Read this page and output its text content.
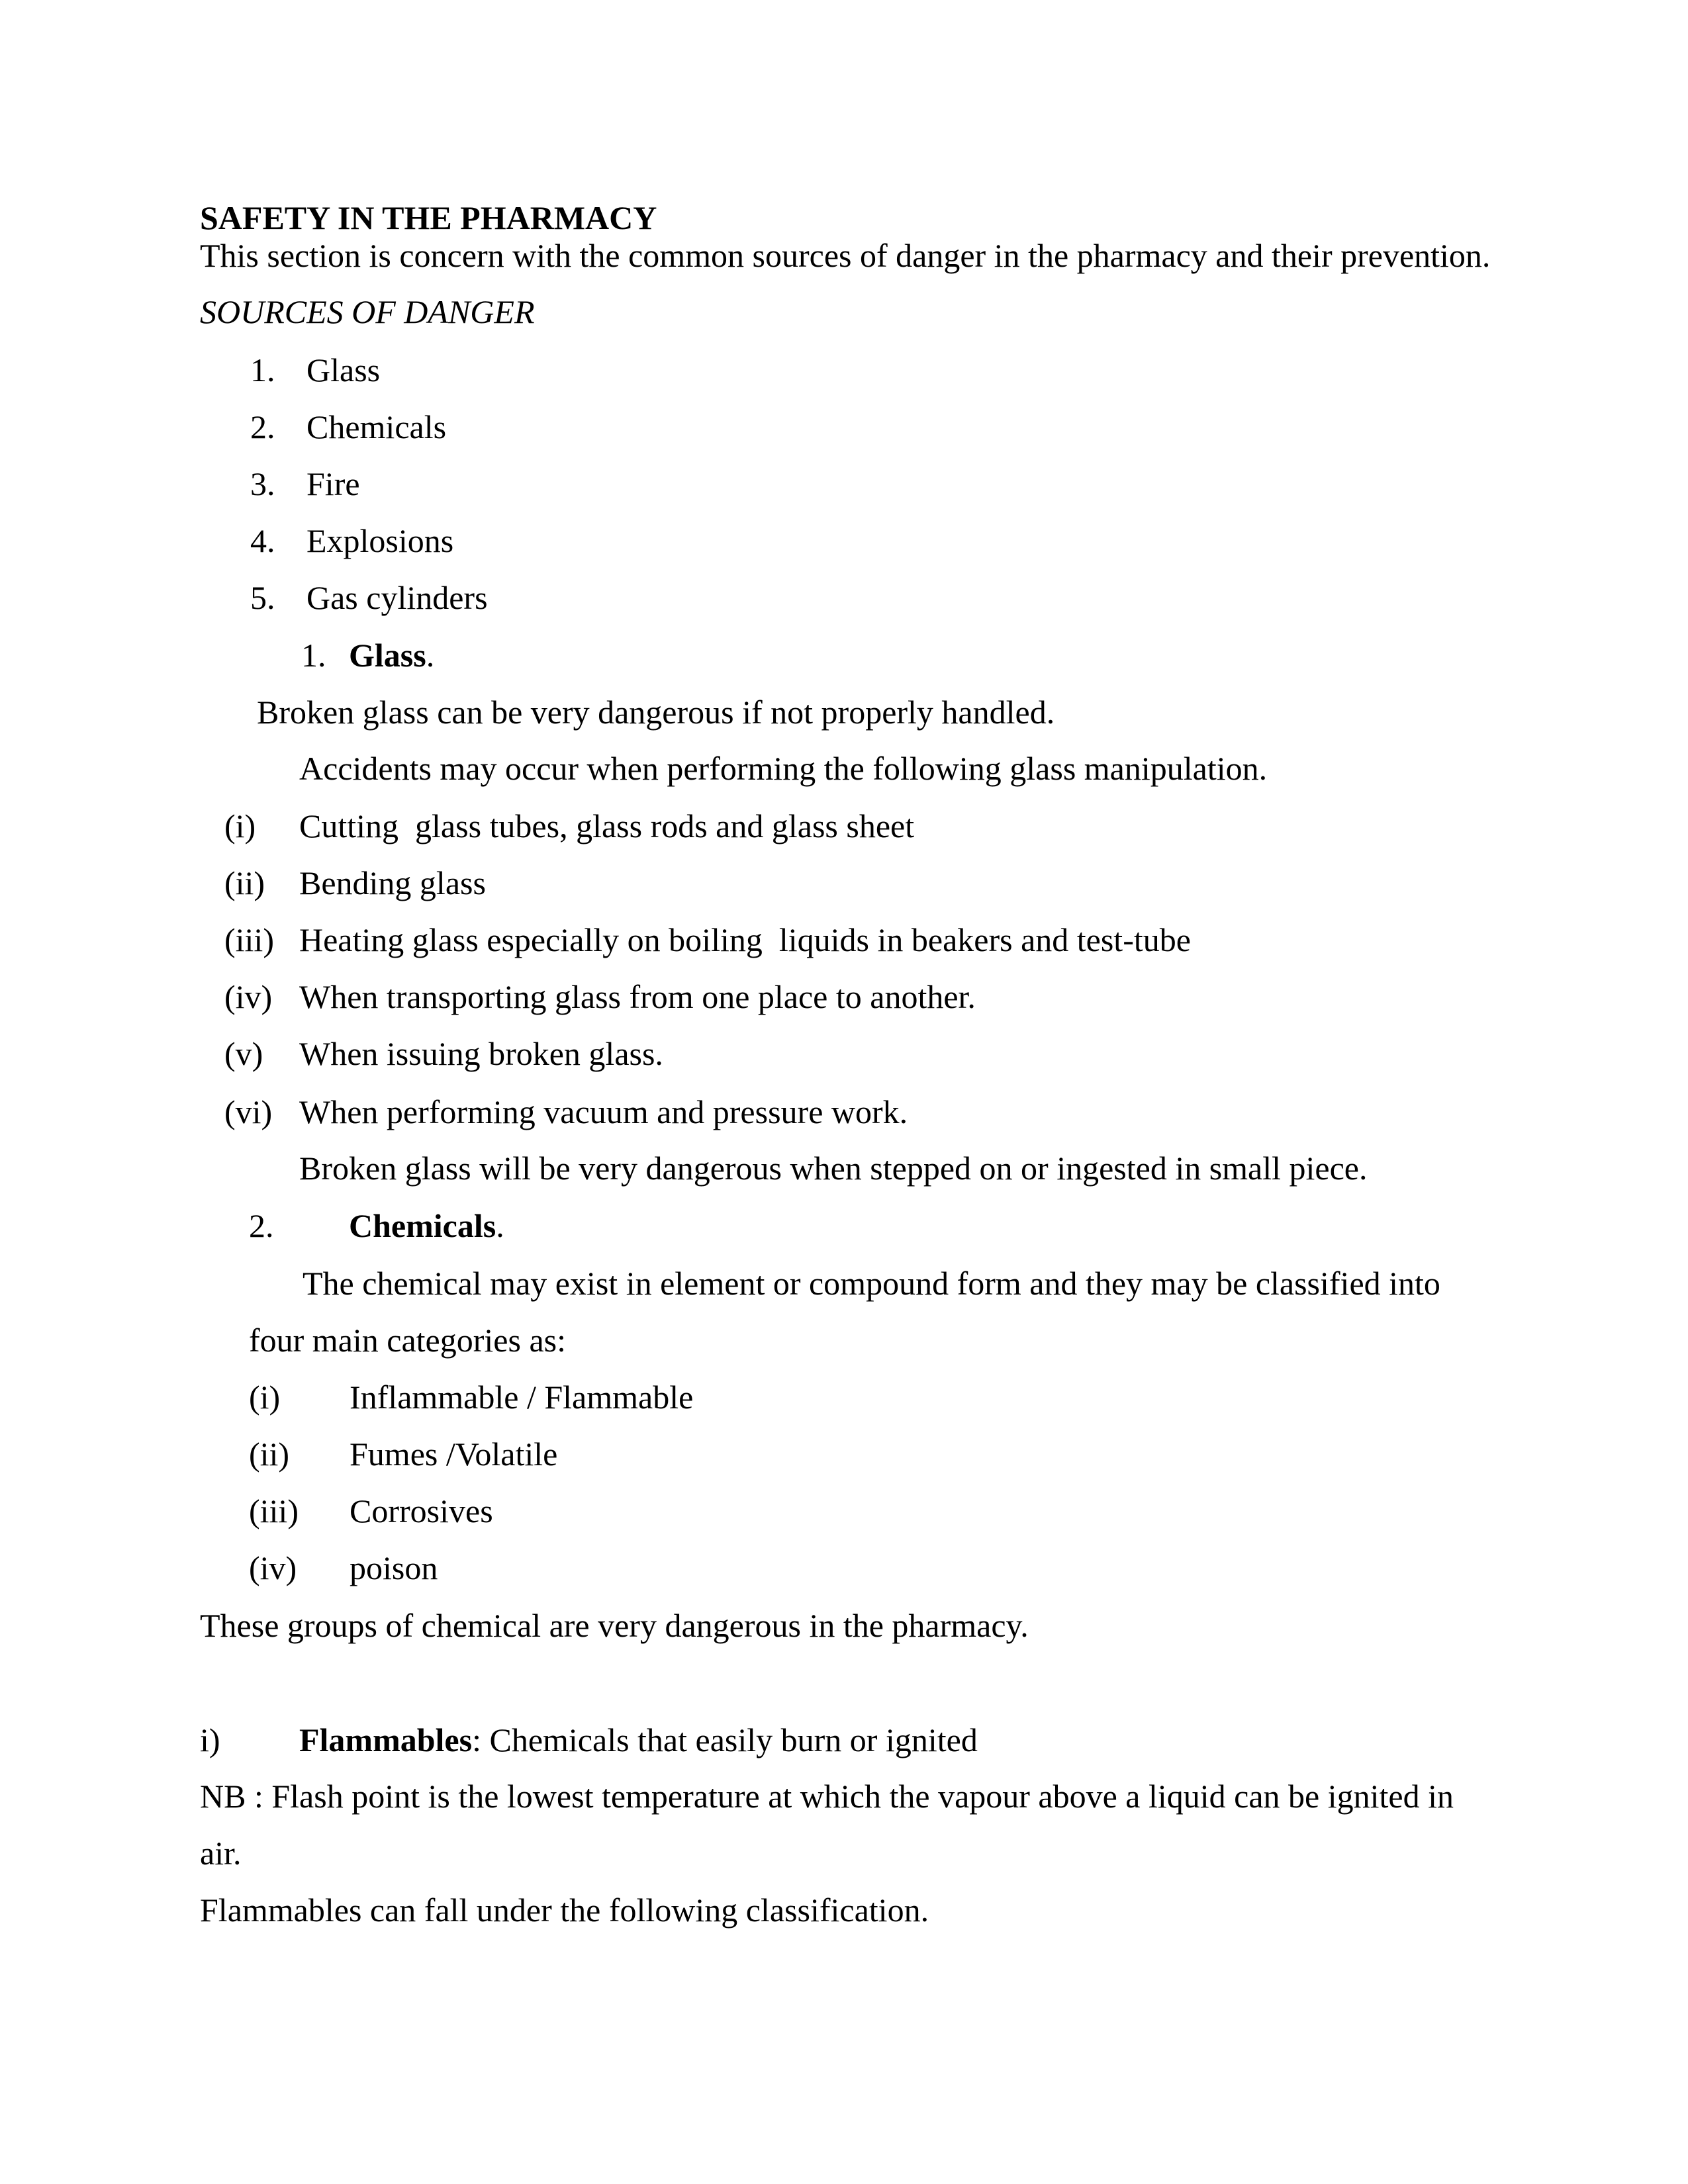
SAFETY IN THE PHARMACY
This section is concern with the common sources of danger in the pharmacy and their prevention.
SOURCES OF DANGER

1.

Glass

2.

Chemicals

3.

Fire

4.

Explosions

5.

Gas cylinders

1.

Glass.

Broken glass can be very dangerous if not properly handled.
Accidents may occur when performing the following glass manipulation.

(i)

Cutting  glass tubes, glass rods and glass sheet

(ii)

Bending glass

(iii)

Heating glass especially on boiling  liquids in beakers and test-tube

(iv)

When transporting glass from one place to another.

(v)

When issuing broken glass.

(vi)

When performing vacuum and pressure work.

Broken glass will be very dangerous when stepped on or ingested in small piece.

2.

Chemicals.

The chemical may exist in element or compound form and they may be classified into
four main categories as:

(i)

Inflammable / Flammable

(ii)

Fumes /Volatile

(iii)

Corrosives

(iv)

poison

These groups of chemical are very dangerous in the pharmacy.

i)

Flammables: Chemicals that easily burn or ignited

NB : Flash point is the lowest temperature at which the vapour above a liquid can be ignited in
air.
Flammables can fall under the following classification.
